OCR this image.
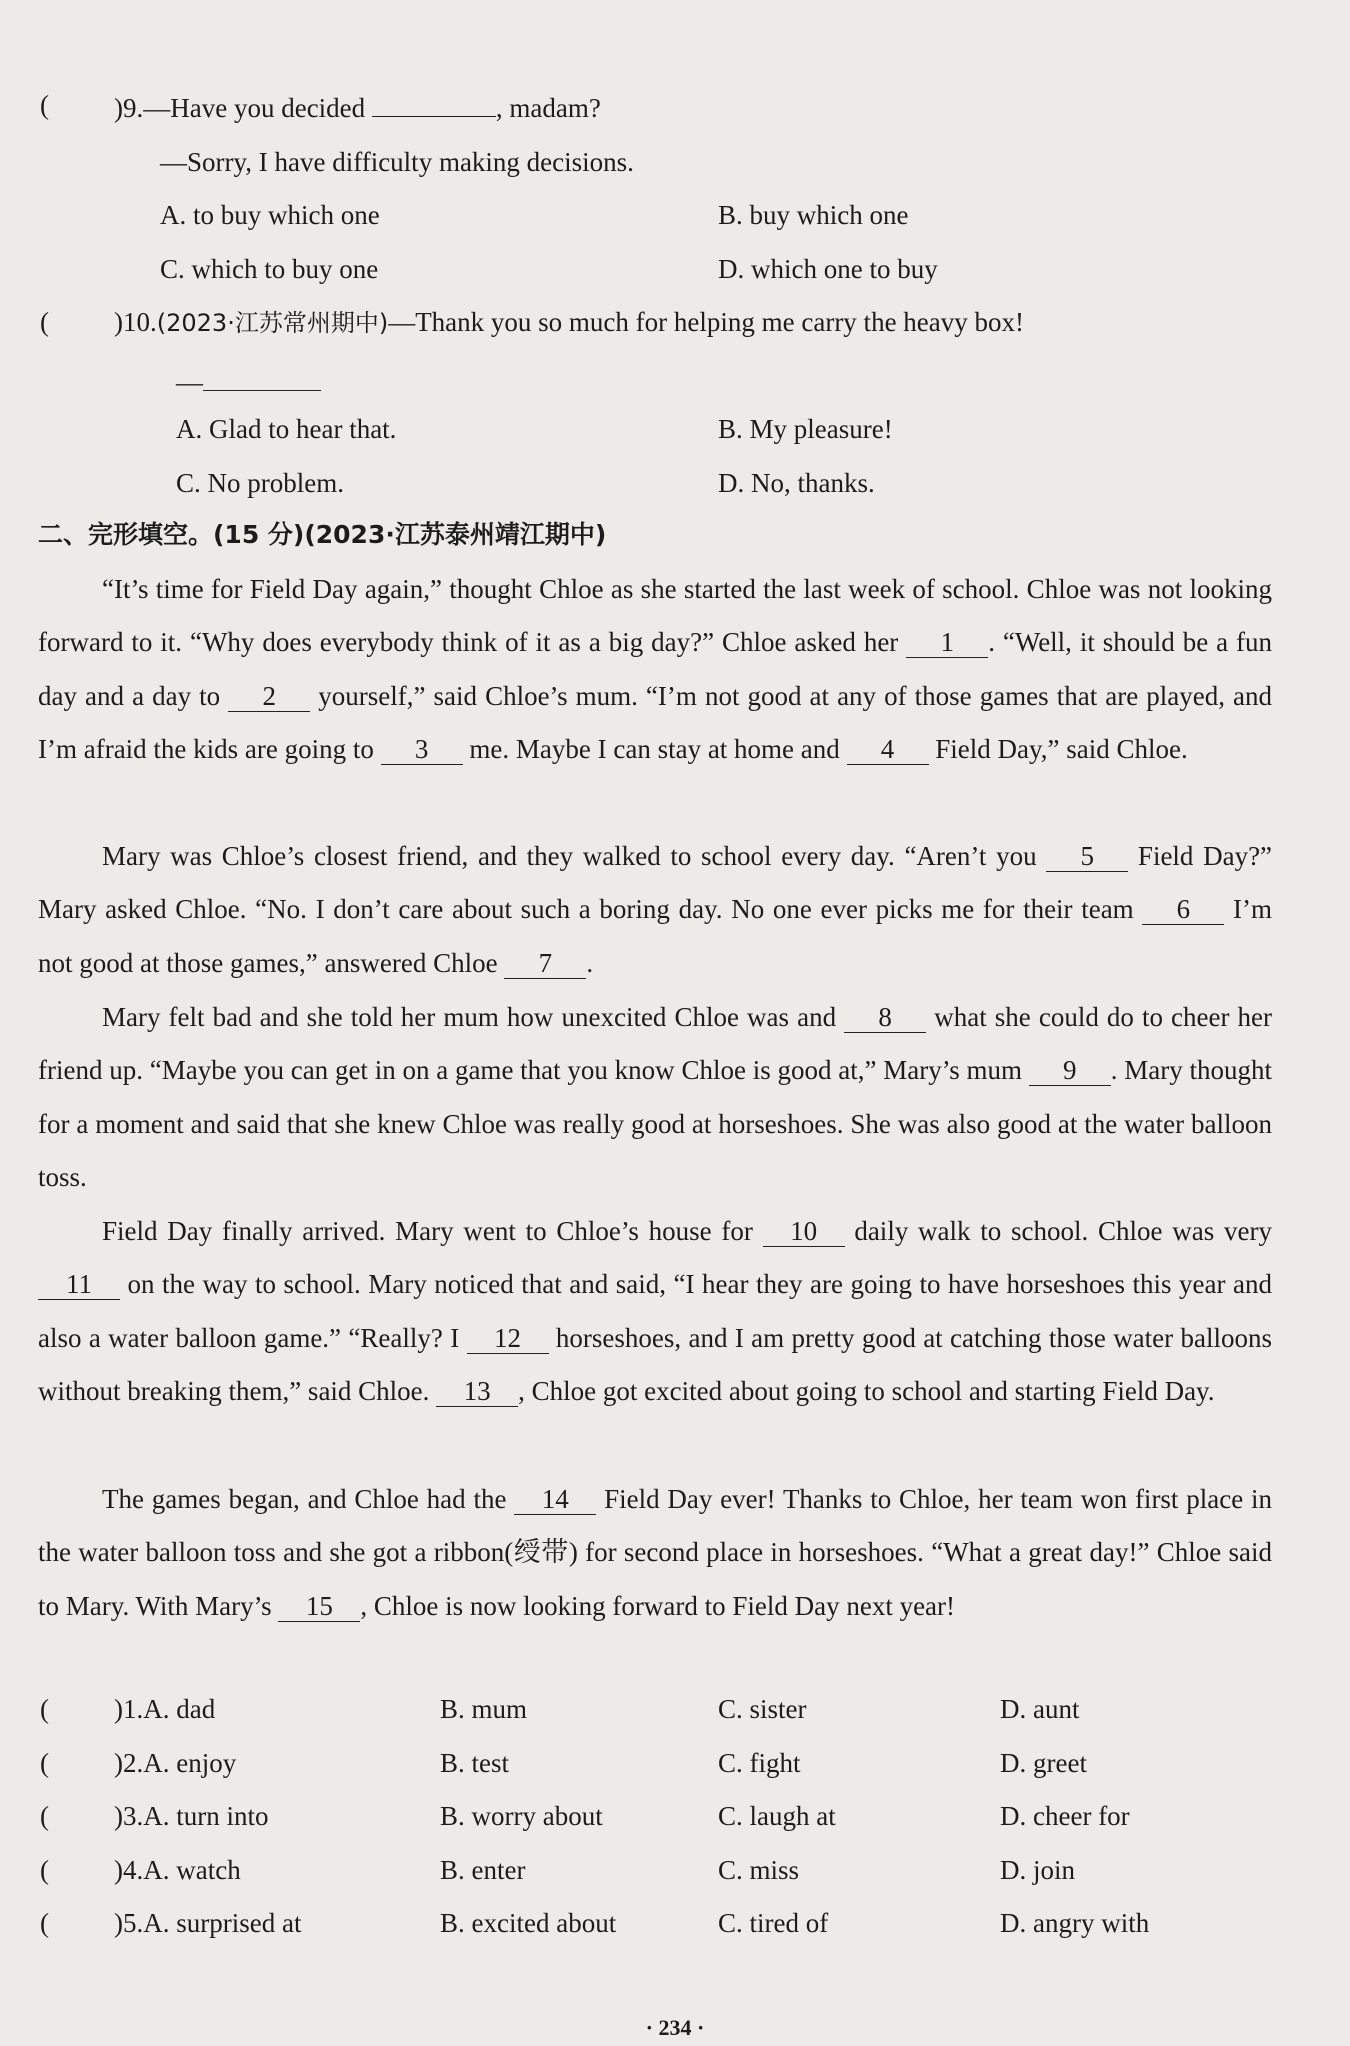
( )9.—Have you decided	, madam?
—Sorry, I have difficulty making decisions.
A. to buy which one	B. buy which one
C. which to buy one	D. which one to buy
( )10.(2023·江苏常州期中)—Thank you so much for helping me carry the heavy box!
—
A. Glad to hear that.	B. My pleasure!
C. No problem.	D. No, thanks.
二、完形填空。(15 分)(2023·江苏泰州靖江期中)
“It’s time for Field Day again,” thought Chloe as she started the last week of school. Chloe was not looking forward to it. “Why does everybody think of it as a big day?” Chloe asked her 1 . “Well, it should be a fun day and a day to 2 yourself,” said Chloe’s mum. “I’m not good at any of those games that are played, and I’m afraid the kids are going to 3 me. Maybe I can stay at home and 4 Field Day,” said Chloe.
Mary was Chloe’s closest friend, and they walked to school every day. “Aren’t you 5 Field Day?” Mary asked Chloe. “No. I don’t care about such a boring day. No one ever picks me for their team 6 I’m not good at those games,” answered Chloe 7 .
Mary felt bad and she told her mum how unexcited Chloe was and 8 what she could do to cheer her friend up. “Maybe you can get in on a game that you know Chloe is good at,” Mary’s mum 9 . Mary thought for a moment and said that she knew Chloe was really good at horseshoes. She was also good at the water balloon toss.
Field Day finally arrived. Mary went to Chloe’s house for 10 daily walk to school. Chloe was very 11 on the way to school. Mary noticed that and said, “I hear they are going to have horseshoes this year and also a water balloon game.” “Really? I 12 horseshoes, and I am pretty good at catching those water balloons without breaking them,” said Chloe. 13 , Chloe got excited about going to school and starting Field Day.
The games began, and Chloe had the 14 Field Day ever! Thanks to Chloe, her team won first place in the water balloon toss and she got a ribbon(绶带) for second place in horseshoes. “What a great day!” Chloe said to Mary. With Mary’s 15 , Chloe is now looking forward to Field Day next year!
( )1.A. dad	B. mum	C. sister	D. aunt
( )2.A. enjoy	B. test	C. fight	D. greet
( )3.A. turn into	B. worry about	C. laugh at	D. cheer for
( )4.A. watch	B. enter	C. miss	D. join
( )5.A. surprised at	B. excited about	C. tired of	D. angry with
· 234 ·
